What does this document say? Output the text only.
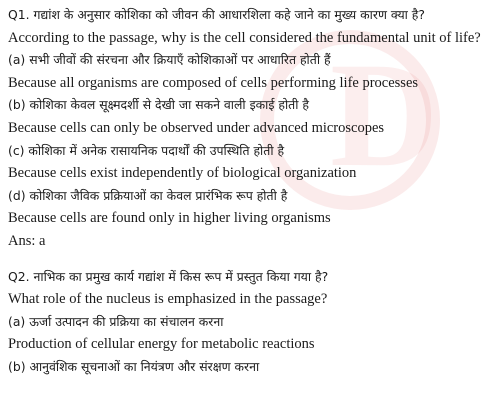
D
Q1. गद्यांश के अनुसार कोशिका को जीवन की आधारशिला कहे जाने का मुख्य कारण क्या है?
According to the passage, why is the cell considered the fundamental unit of life?
(a) सभी जीवों की संरचना और क्रियाएँ कोशिकाओं पर आधारित होती हैं
Because all organisms are composed of cells performing life processes
(b) कोशिका केवल सूक्ष्मदर्शी से देखी जा सकने वाली इकाई होती है
Because cells can only be observed under advanced microscopes
(c) कोशिका में अनेक रासायनिक पदार्थों की उपस्थिति होती है
Because cells exist independently of biological organization
(d) कोशिका जैविक प्रक्रियाओं का केवल प्रारंभिक रूप होती है
Because cells are found only in higher living organisms
Ans: a
Q2. नाभिक का प्रमुख कार्य गद्यांश में किस रूप में प्रस्तुत किया गया है?
What role of the nucleus is emphasized in the passage?
(a) ऊर्जा उत्पादन की प्रक्रिया का संचालन करना
Production of cellular energy for metabolic reactions
(b) आनुवंशिक सूचनाओं का नियंत्रण और संरक्षण करना
